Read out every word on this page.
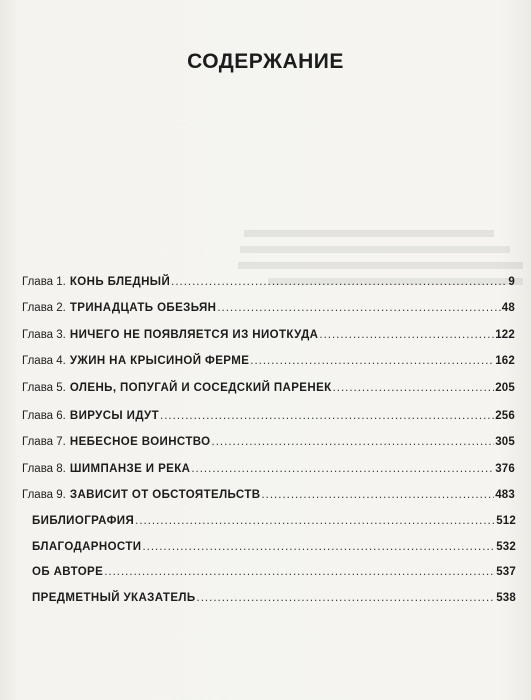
СОДЕРЖАНИЕ
Глава 1. КОНЬ БЛЕДНЫЙ .....	9
Глава 2. ТРИНАДЦАТЬ ОБЕЗЬЯН .....	48
Глава 3. НИЧЕГО НЕ ПОЯВЛЯЕТСЯ ИЗ НИОТКУДА .....	122
Глава 4. УЖИН НА КРЫСИНОЙ ФЕРМЕ .....	162
Глава 5. ОЛЕНЬ, ПОПУГАЙ И СОСЕДСКИЙ ПАРЕНЕК .....	205
Глава 6. ВИРУСЫ ИДУТ .....	256
Глава 7. НЕБЕСНОЕ ВОИНСТВО .....	305
Глава 8. ШИМПАНЗЕ И РЕКА .....	376
Глава 9. ЗАВИСИТ ОТ ОБСТОЯТЕЛЬСТВ .....	483
БИБЛИОГРАФИЯ .....	512
БЛАГОДАРНОСТИ .....	532
ОБ АВТОРЕ .....	537
ПРЕДМЕТНЫЙ УКАЗАТЕЛЬ .....	538
